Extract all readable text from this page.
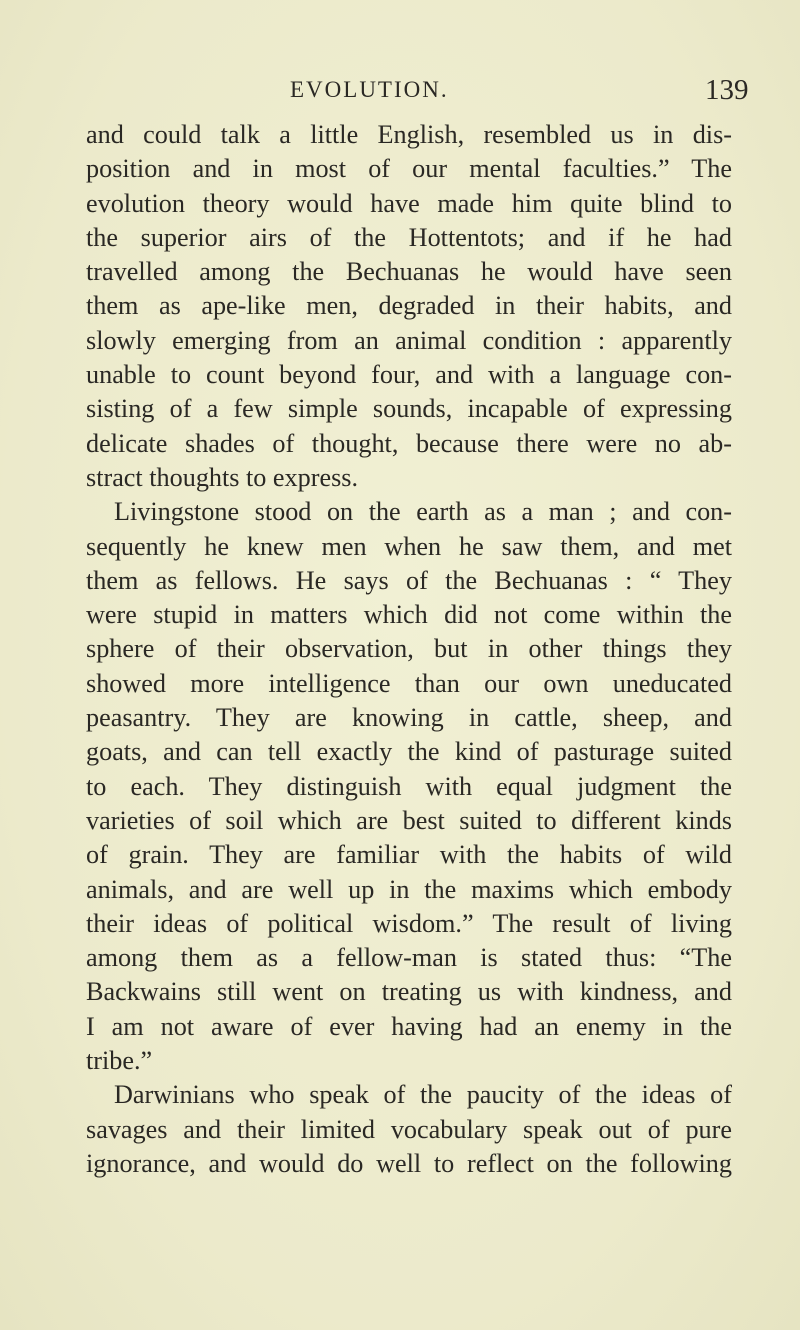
EVOLUTION.	139
and could talk a little English, resembled us in dis-
position and in most of our mental faculties.” The
evolution theory would have made him quite blind to
the superior airs of the Hottentots; and if he had
travelled among the Bechuanas he would have seen
them as ape-like men, degraded in their habits, and
slowly emerging from an animal condition : apparently
unable to count beyond four, and with a language con-
sisting of a few simple sounds, incapable of expressing
delicate shades of thought, because there were no ab-
stract thoughts to express.
Livingstone stood on the earth as a man ; and con-
sequently he knew men when he saw them, and met
them as fellows. He says of the Bechuanas : “ They
were stupid in matters which did not come within the
sphere of their observation, but in other things they
showed more intelligence than our own uneducated
peasantry. They are knowing in cattle, sheep, and
goats, and can tell exactly the kind of pasturage suited
to each. They distinguish with equal judgment the
varieties of soil which are best suited to different kinds
of grain. They are familiar with the habits of wild
animals, and are well up in the maxims which embody
their ideas of political wisdom.” The result of living
among them as a fellow-man is stated thus: “The
Backwains still went on treating us with kindness, and
I am not aware of ever having had an enemy in the
tribe.”
Darwinians who speak of the paucity of the ideas of
savages and their limited vocabulary speak out of pure
ignorance, and would do well to reflect on the following
